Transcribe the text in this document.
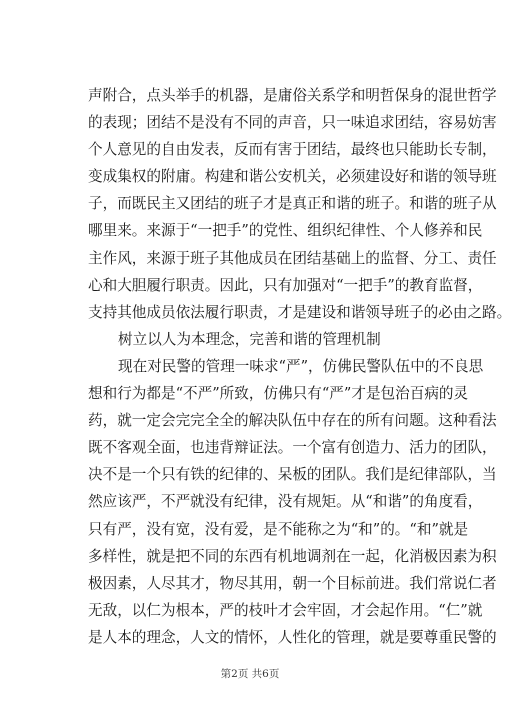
声附合，点头举手的机器，是庸俗关系学和明哲保身的混世哲学
的表现；团结不是没有不同的声音，只一味追求团结，容易妨害
个人意见的自由发表，反而有害于团结，最终也只能助长专制，
变成集权的附庸。构建和谐公安机关，必须建设好和谐的领导班
子，而既民主又团结的班子才是真正和谐的班子。和谐的班子从
哪里来。来源于“一把手”的党性、组织纪律性、个人修养和民
主作风，来源于班子其他成员在团结基础上的监督、分工、责任
心和大胆履行职责。因此，只有加强对“一把手”的教育监督，
支持其他成员依法履行职责，才是建设和谐领导班子的必由之路。
树立以人为本理念，完善和谐的管理机制
现在对民警的管理一味求“严”，仿佛民警队伍中的不良思
想和行为都是“不严”所致，仿佛只有“严”才是包治百病的灵
药，就一定会完完全全的解决队伍中存在的所有问题。这种看法
既不客观全面，也违背辩证法。一个富有创造力、活力的团队，
决不是一个只有铁的纪律的、呆板的团队。我们是纪律部队，当
然应该严，不严就没有纪律，没有规矩。从“和谐”的角度看，
只有严，没有宽，没有爱，是不能称之为“和”的。“和”就是
多样性，就是把不同的东西有机地调剂在一起，化消极因素为积
极因素，人尽其才，物尽其用，朝一个目标前进。我们常说仁者
无敌，以仁为根本，严的枝叶才会牢固，才会起作用。“仁”就
是人本的理念，人文的情怀，人性化的管理，就是要尊重民警的
第2页 共6页
